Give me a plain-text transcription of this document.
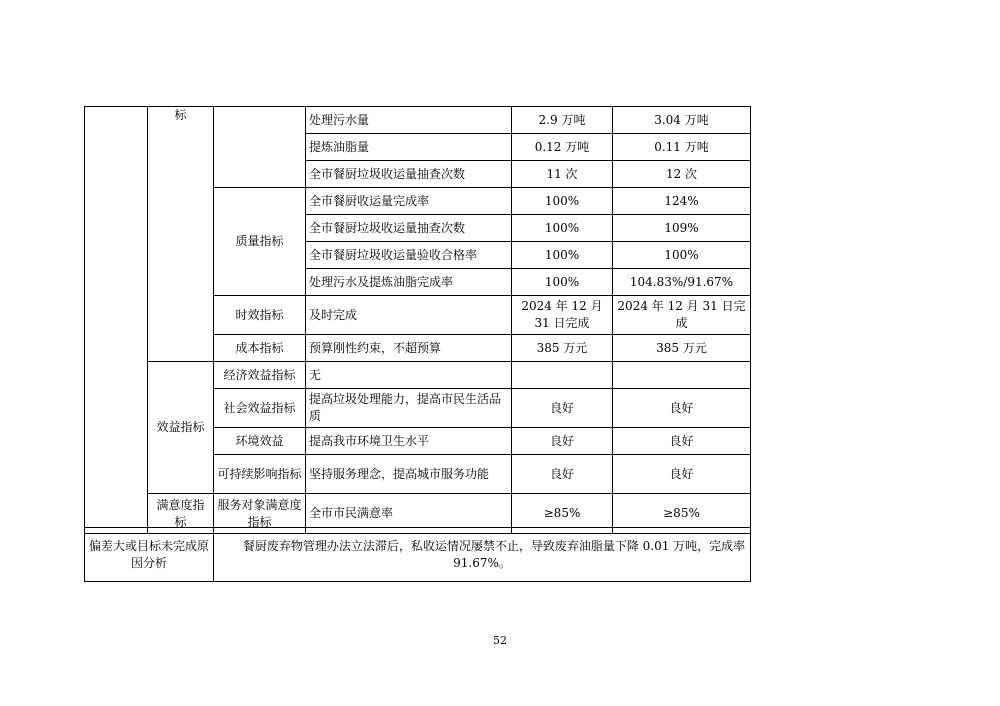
	标		处理污水量	2.9 万吨	3.04 万吨
			提炼油脂量	0.12 万吨	0.11 万吨
			全市餐厨垃圾收运量抽查次数	11 次	12 次
		质量指标	全市餐厨收运量完成率	100%	124%
			全市餐厨垃圾收运量抽查次数	100%	109%
			全市餐厨垃圾收运量验收合格率	100%	100%
			处理污水及提炼油脂完成率	100%	104.83%/91.67%
		时效指标	及时完成	2024 年 12 月 31 日完成	2024 年 12 月 31 日完成
		成本指标	预算刚性约束，不超预算	385 万元	385 万元
	效益指标	经济效益指标	无		
		社会效益指标	提高垃圾处理能力，提高市民生活品质	良好	良好
		环境效益	提高我市环境卫生水平	良好	良好
		可持续影响指标	坚持服务理念，提高城市服务功能	良好	良好
	满意度指标	服务对象满意度指标	全市市民满意率	≥85%	≥85%
偏差大或目标未完成原因分析	餐厨废弃物管理办法立法滞后，私收运情况屡禁不止，导致废弃油脂量下降 0.01 万吨，完成率 91.67%。
52
